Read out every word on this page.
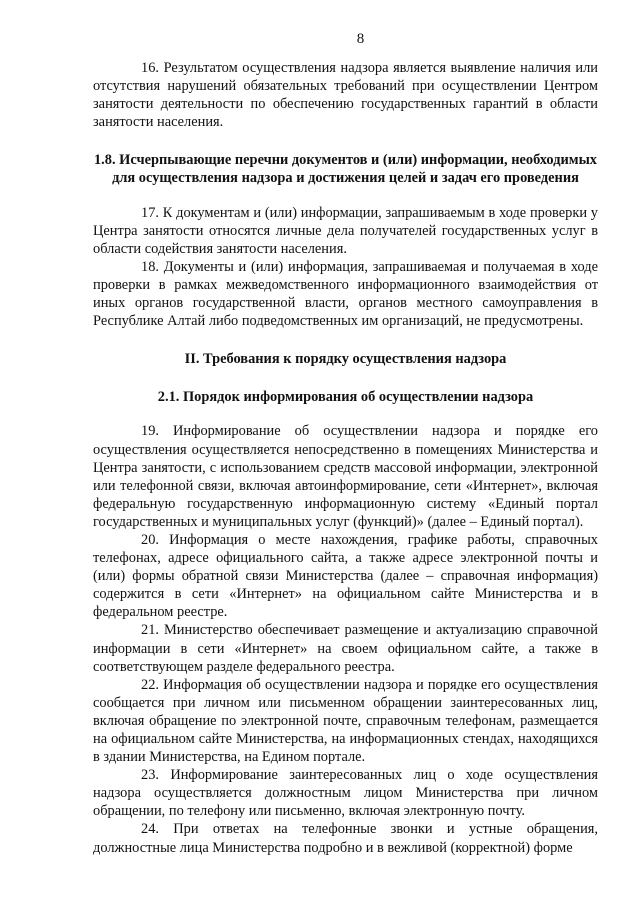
8

16. Результатом осуществления надзора является выявление наличия или отсутствия нарушений обязательных требований при осуществлении Центром занятости деятельности по обеспечению государственных гарантий в области занятости населения.

1.8. Исчерпывающие перечни документов и (или) информации, необходимых для осуществления надзора и достижения целей и задач его проведения

17. К документам и (или) информации, запрашиваемым в ходе проверки у Центра занятости относятся личные дела получателей государственных услуг в области содействия занятости населения.

18. Документы и (или) информация, запрашиваемая и получаемая в ходе проверки в рамках межведомственного информационного взаимодействия от иных органов государственной власти, органов местного самоуправления в Республике Алтай либо подведомственных им организаций, не предусмотрены.

II. Требования к порядку осуществления надзора
2.1. Порядок информирования об осуществлении надзора

19. Информирование об осуществлении надзора и порядке его осуществления осуществляется непосредственно в помещениях Министерства и Центра занятости, с использованием средств массовой информации, электронной или телефонной связи, включая автоинформирование, сети «Интернет», включая федеральную государственную информационную систему «Единый портал государственных и муниципальных услуг (функций)» (далее – Единый портал).

20. Информация о месте нахождения, графике работы, справочных телефонах, адресе официального сайта, а также адресе электронной почты и (или) формы обратной связи Министерства (далее – справочная информация) содержится в сети «Интернет» на официальном сайте Министерства и в федеральном реестре.

21. Министерство обеспечивает размещение и актуализацию справочной информации в сети «Интернет» на своем официальном сайте, а также в соответствующем разделе федерального реестра.

22. Информация об осуществлении надзора и порядке его осуществления сообщается при личном или письменном обращении заинтересованных лиц, включая обращение по электронной почте, справочным телефонам, размещается на официальном сайте Министерства, на информационных стендах, находящихся в здании Министерства, на Едином портале.

23. Информирование заинтересованных лиц о ходе осуществления надзора осуществляется должностным лицом Министерства при личном обращении, по телефону или письменно, включая электронную почту.

24. При ответах на телефонные звонки и устные обращения, должностные лица Министерства подробно и в вежливой (корректной) форме
